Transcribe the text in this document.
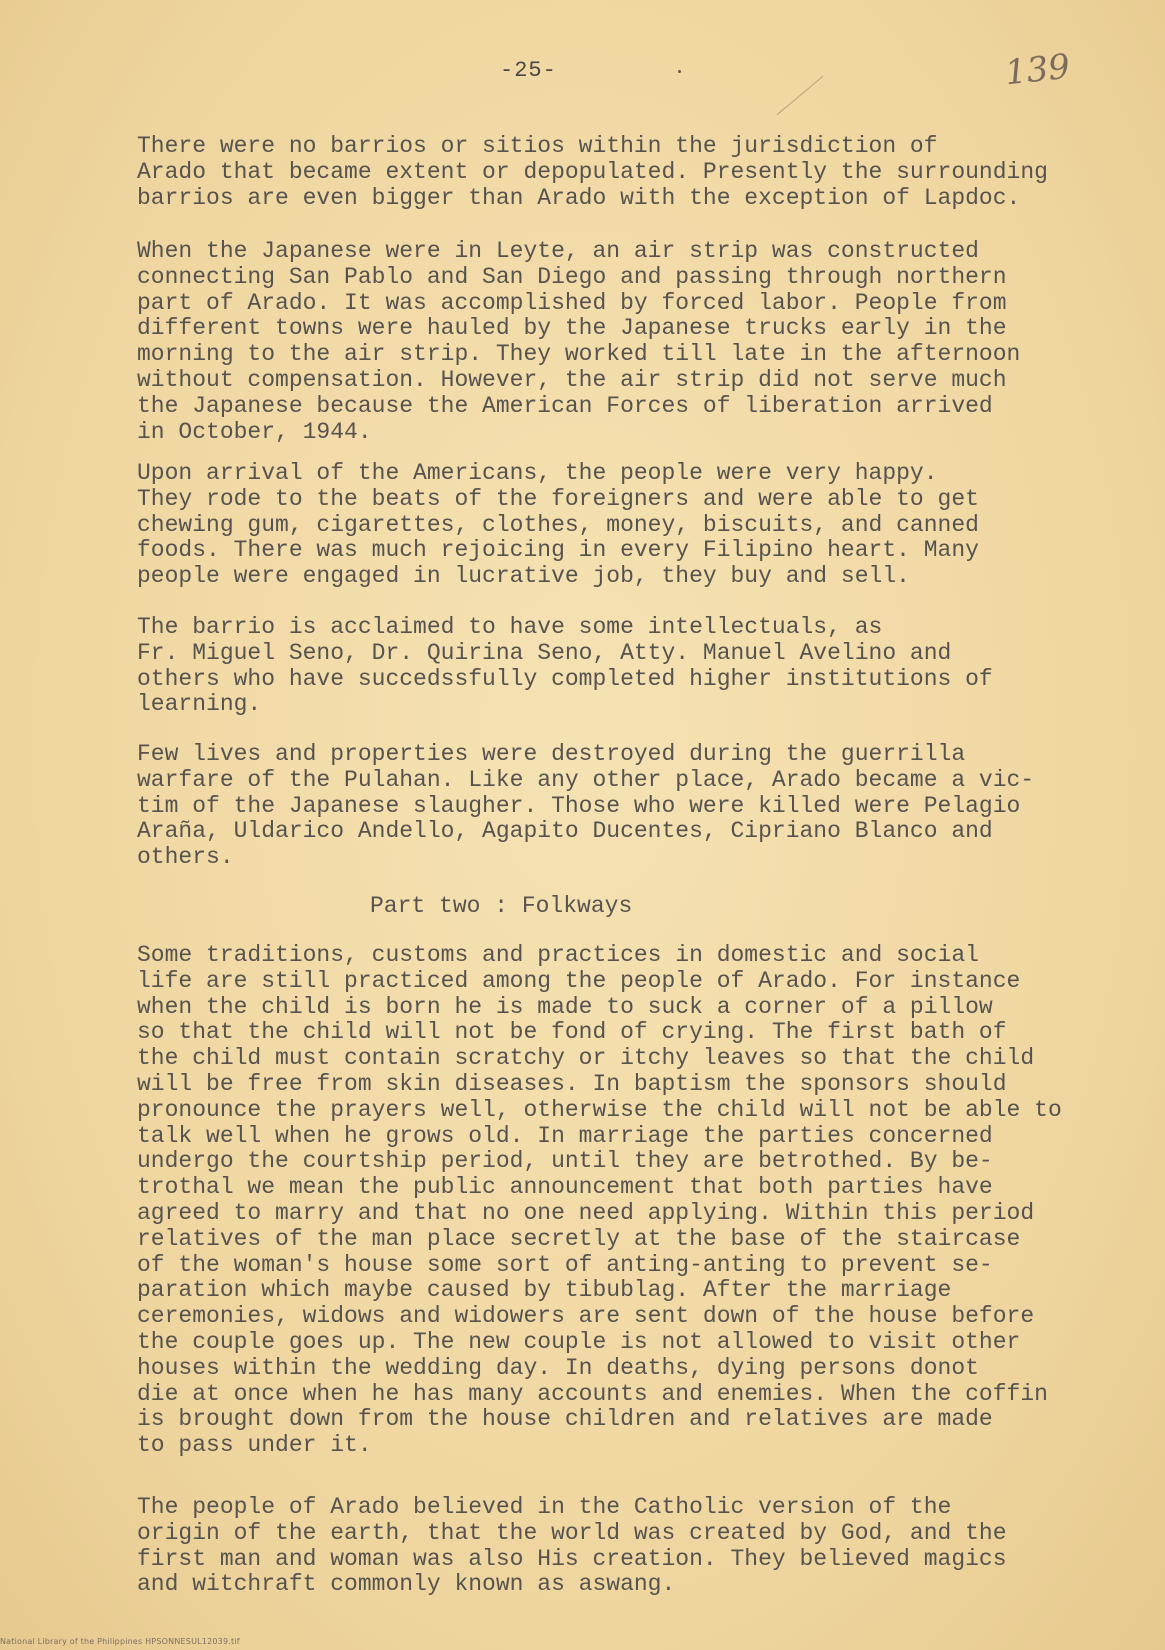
-25-	139

There were no barrios or sitios within the jurisdiction of
Arado that became extent or depopulated. Presently the surrounding
barrios are even bigger than Arado with the exception of Lapdoc.

When the Japanese were in Leyte, an air strip was constructed
connecting San Pablo and San Diego and passing through northern
part of Arado. It was accomplished by forced labor. People from
different towns were hauled by the Japanese trucks early in the
morning to the air strip. They worked till late in the afternoon
without compensation. However, the air strip did not serve much
the Japanese because the American Forces of liberation arrived
in October, 1944.

Upon arrival of the Americans, the people were very happy.
They rode to the beats of the foreigners and were able to get
chewing gum, cigarettes, clothes, money, biscuits, and canned
foods. There was much rejoicing in every Filipino heart. Many
people were engaged in lucrative job, they buy and sell.

The barrio is acclaimed to have some intellectuals, as
Fr. Miguel Seno, Dr. Quirina Seno, Atty. Manuel Avelino and
others who have succedssfully completed higher institutions of
learning.

Few lives and properties were destroyed during the guerrilla
warfare of the Pulahan. Like any other place, Arado became a vic-
tim of the Japanese slaugher. Those who were killed were Pelagio
Araña, Uldarico Andello, Agapito Ducentes, Cipriano Blanco and
others.

Part two : Folkways

Some traditions, customs and practices in domestic and social
life are still practiced among the people of Arado. For instance
when the child is born he is made to suck a corner of a pillow
so that the child will not be fond of crying. The first bath of
the child must contain scratchy or itchy leaves so that the child
will be free from skin diseases. In baptism the sponsors should
pronounce the prayers well, otherwise the child will not be able to
talk well when he grows old. In marriage the parties concerned
undergo the courtship period, until they are betrothed. By be-
trothal we mean the public announcement that both parties have
agreed to marry and that no one need applying. Within this period
relatives of the man place secretly at the base of the staircase
of the woman's house some sort of anting-anting to prevent se-
paration which maybe caused by tibublag. After the marriage
ceremonies, widows and widowers are sent down of the house before
the couple goes up. The new couple is not allowed to visit other
houses within the wedding day. In deaths, dying persons donot
die at once when he has many accounts and enemies. When the coffin
is brought down from the house children and relatives are made
to pass under it.

The people of Arado believed in the Catholic version of the
origin of the earth, that the world was created by God, and the
first man and woman was also His creation. They believed magics
and witchraft commonly known as aswang.

National Library of the Philippines HPSONNESUL12039.tif
